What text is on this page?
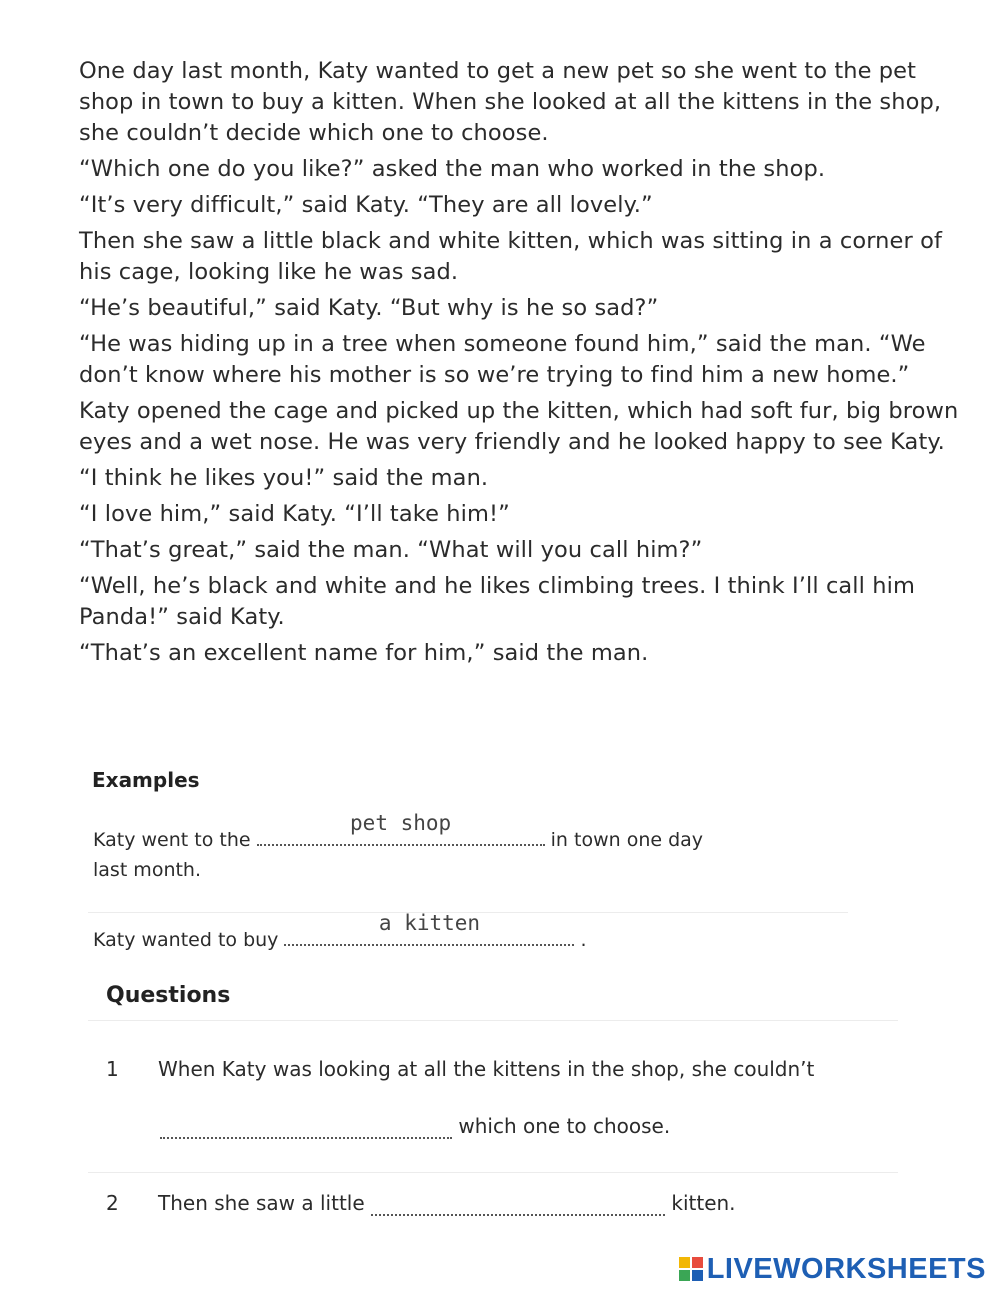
One day last month, Katy wanted to get a new pet so she went to the pet shop in town to buy a kitten. When she looked at all the kittens in the shop, she couldn’t decide which one to choose.

“Which one do you like?” asked the man who worked in the shop.

“It’s very difficult,” said Katy. “They are all lovely.”

Then she saw a little black and white kitten, which was sitting in a corner of his cage, looking like he was sad.

“He’s beautiful,” said Katy. “But why is he so sad?”

“He was hiding up in a tree when someone found him,” said the man. “We don’t know where his mother is so we’re trying to find him a new home.”

Katy opened the cage and picked up the kitten, which had soft fur, big brown eyes and a wet nose. He was very friendly and he looked happy to see Katy.

“I think he likes you!” said the man.

“I love him,” said Katy. “I’ll take him!”

“That’s great,” said the man. “What will you call him?”

“Well, he’s black and white and he likes climbing trees. I think I’ll call him Panda!” said Katy.

“That’s an excellent name for him,” said the man.

Examples
Katy went to the
pet shop
in town one day
last month.
Katy wanted to buy
a kitten
.
Questions
1 When Katy was looking at all the kittens in the shop, she couldn’t
which one to choose.
2 Then she saw a little	kitten.
LIVEWORKSHEETS
